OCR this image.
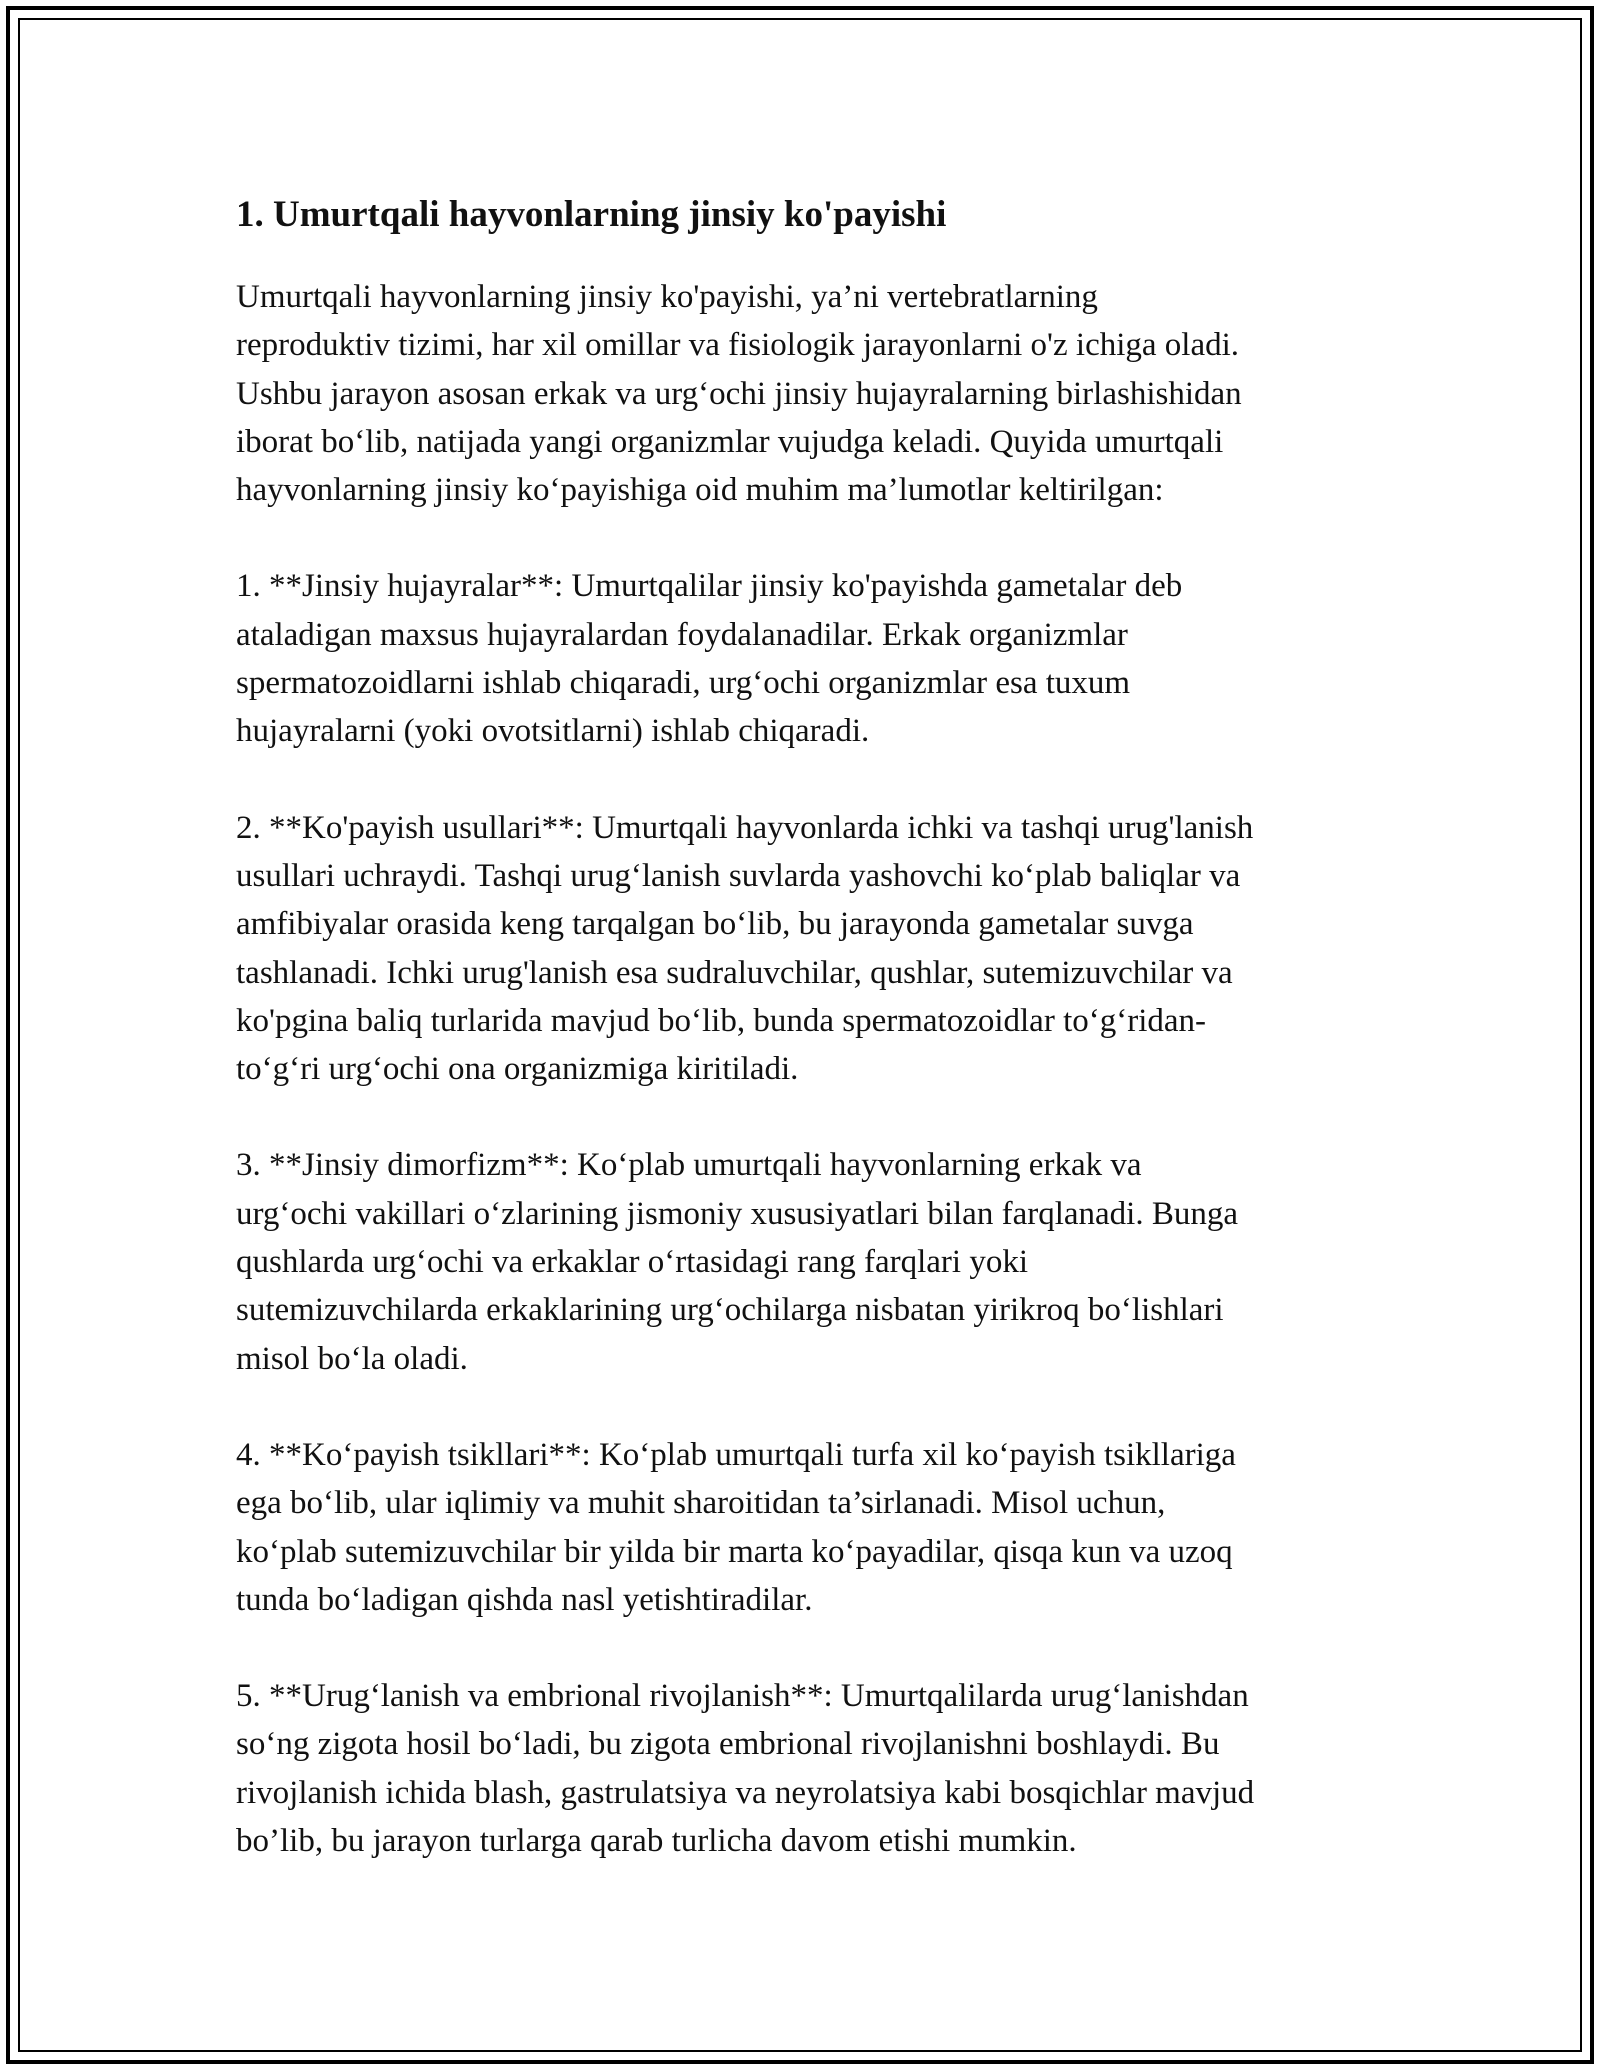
1. Umurtqali hayvonlarning jinsiy ko'payishi

Umurtqali hayvonlarning jinsiy ko'payishi, ya’ni vertebratlarning
reproduktiv tizimi, har xil omillar va fisiologik jarayonlarni o'z ichiga oladi.
Ushbu jarayon asosan erkak va urg‘ochi jinsiy hujayralarning birlashishidan
iborat bo‘lib, natijada yangi organizmlar vujudga keladi. Quyida umurtqali
hayvonlarning jinsiy ko‘payishiga oid muhim ma’lumotlar keltirilgan:

1. **Jinsiy hujayralar**: Umurtqalilar jinsiy ko'payishda gametalar deb
ataladigan maxsus hujayralardan foydalanadilar. Erkak organizmlar
spermatozoidlarni ishlab chiqaradi, urg‘ochi organizmlar esa tuxum
hujayralarni (yoki ovotsitlarni) ishlab chiqaradi.

2. **Ko'payish usullari**: Umurtqali hayvonlarda ichki va tashqi urug'lanish
usullari uchraydi. Tashqi urug‘lanish suvlarda yashovchi ko‘plab baliqlar va
amfibiyalar orasida keng tarqalgan bo‘lib, bu jarayonda gametalar suvga
tashlanadi. Ichki urug'lanish esa sudraluvchilar, qushlar, sutemizuvchilar va
ko'pgina baliq turlarida mavjud bo‘lib, bunda spermatozoidlar to‘g‘ridan-
to‘g‘ri urg‘ochi ona organizmiga kiritiladi.

3. **Jinsiy dimorfizm**: Ko‘plab umurtqali hayvonlarning erkak va
urg‘ochi vakillari o‘zlarining jismoniy xususiyatlari bilan farqlanadi. Bunga
qushlarda urg‘ochi va erkaklar o‘rtasidagi rang farqlari yoki
sutemizuvchilarda erkaklarining urg‘ochilarga nisbatan yirikroq bo‘lishlari
misol bo‘la oladi.

4. **Ko‘payish tsikllari**: Ko‘plab umurtqali turfa xil ko‘payish tsikllariga
ega bo‘lib, ular iqlimiy va muhit sharoitidan ta’sirlanadi. Misol uchun,
ko‘plab sutemizuvchilar bir yilda bir marta ko‘payadilar, qisqa kun va uzoq
tunda bo‘ladigan qishda nasl yetishtiradilar.

5. **Urug‘lanish va embrional rivojlanish**: Umurtqalilarda urug‘lanishdan
so‘ng zigota hosil bo‘ladi, bu zigota embrional rivojlanishni boshlaydi. Bu
rivojlanish ichida blash, gastrulatsiya va neyrolatsiya kabi bosqichlar mavjud
bo’lib, bu jarayon turlarga qarab turlicha davom etishi mumkin.
